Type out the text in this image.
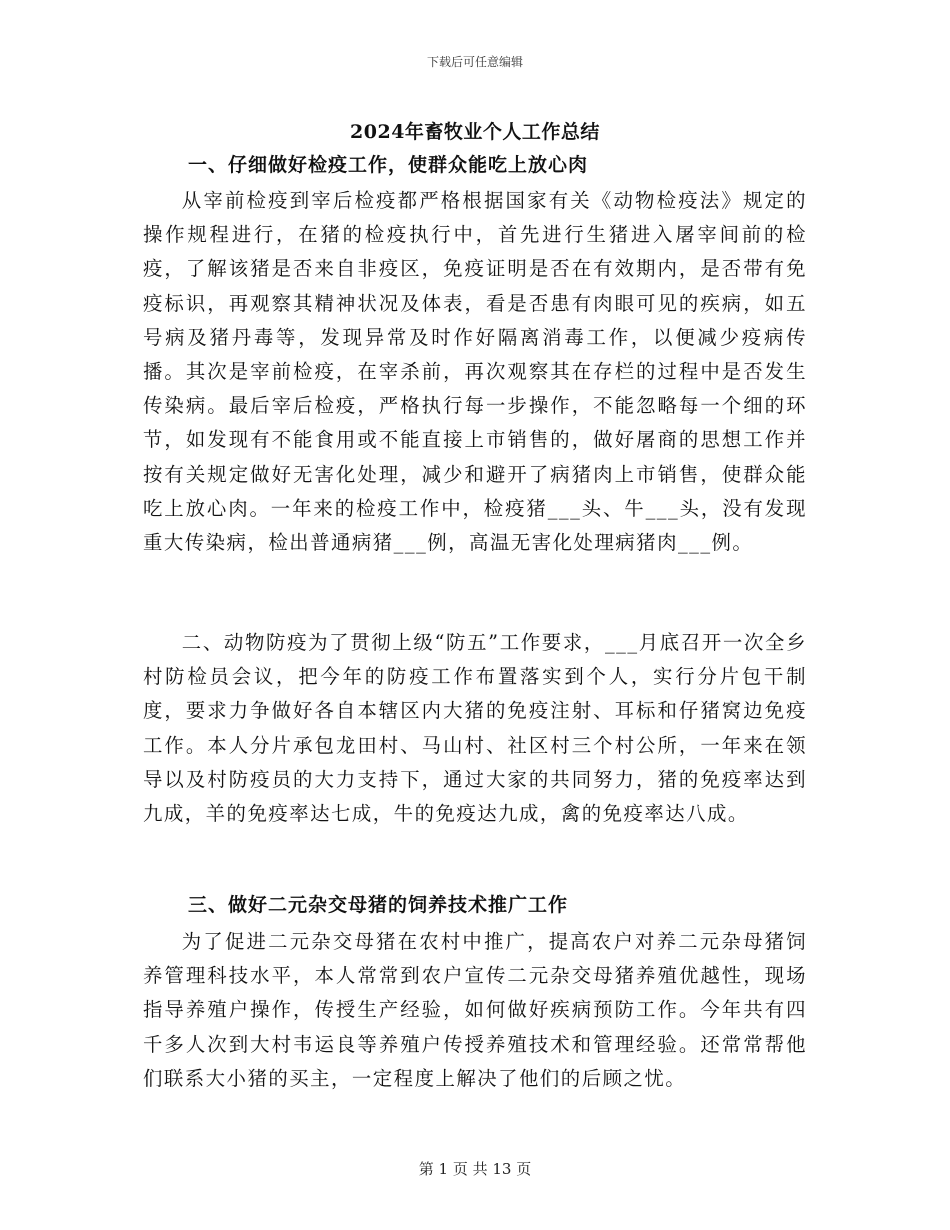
下载后可任意编辑
2024年畜牧业个人工作总结
一、仔细做好检疫工作，使群众能吃上放心肉

从宰前检疫到宰后检疫都严格根据国家有关《动物检疫法》规定的操作规程进行，在猪的检疫执行中，首先进行生猪进入屠宰间前的检疫，了解该猪是否来自非疫区，免疫证明是否在有效期内，是否带有免疫标识，再观察其精神状况及体表，看是否患有肉眼可见的疾病，如五号病及猪丹毒等，发现异常及时作好隔离消毒工作，以便减少疫病传播。其次是宰前检疫，在宰杀前，再次观察其在存栏的过程中是否发生传染病。最后宰后检疫，严格执行每一步操作，不能忽略每一个细的环节，如发现有不能食用或不能直接上市销售的，做好屠商的思想工作并按有关规定做好无害化处理，减少和避开了病猪肉上市销售，使群众能吃上放心肉。一年来的检疫工作中，检疫猪___头、牛___头，没有发现重大传染病，检出普通病猪___例，高温无害化处理病猪肉___例。

二、动物防疫为了贯彻上级“防五”工作要求，___月底召开一次全乡村防检员会议，把今年的防疫工作布置落实到个人，实行分片包干制度，要求力争做好各自本辖区内大猪的免疫注射、耳标和仔猪窝边免疫工作。本人分片承包龙田村、马山村、社区村三个村公所，一年来在领导以及村防疫员的大力支持下，通过大家的共同努力，猪的免疫率达到九成，羊的免疫率达七成，牛的免疫达九成，禽的免疫率达八成。

三、做好二元杂交母猪的饲养技术推广工作

为了促进二元杂交母猪在农村中推广，提高农户对养二元杂母猪饲养管理科技水平，本人常常到农户宣传二元杂交母猪养殖优越性，现场指导养殖户操作，传授生产经验，如何做好疾病预防工作。今年共有四千多人次到大村韦运良等养殖户传授养殖技术和管理经验。还常常帮他们联系大小猪的买主，一定程度上解决了他们的后顾之忧。

第 1 页 共 13 页
